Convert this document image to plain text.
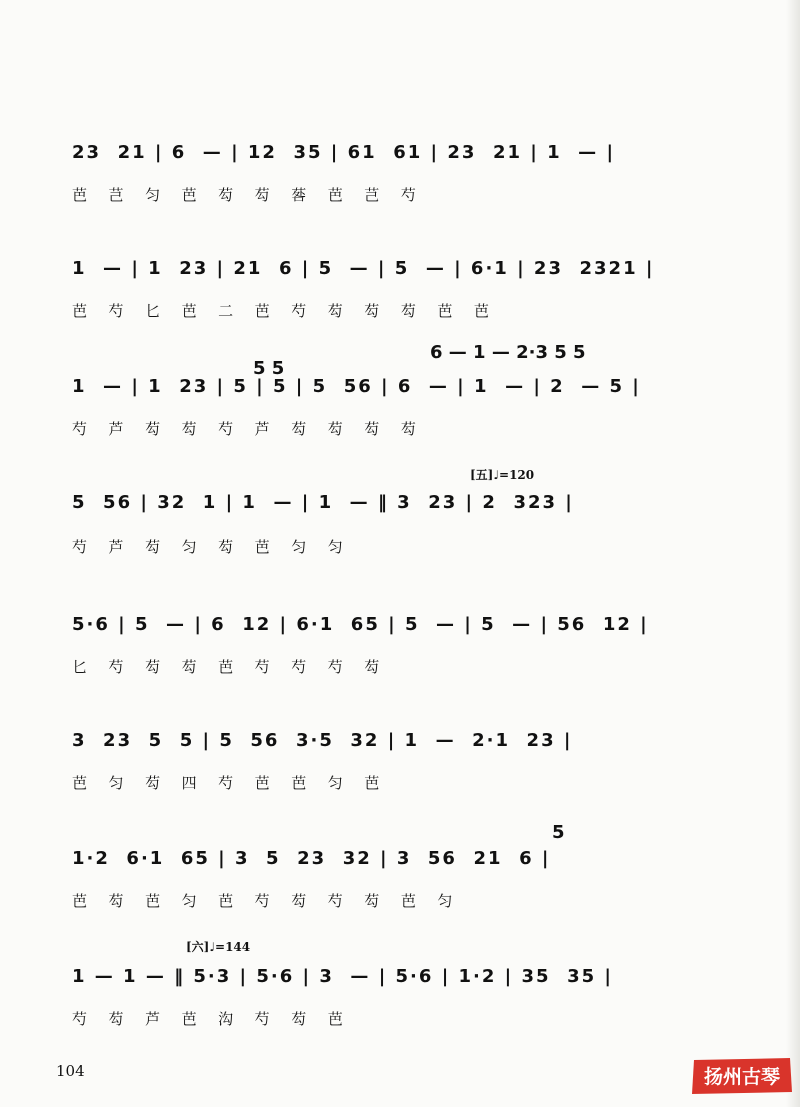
23  21 | 6  — | 12  35 | 61  61 | 23  21 | 1  — |
芭  芑  匀  芭  芶  芶  䓘  芭  芑  芍
1  — | 1  23 | 21  6 | 5  — | 5  — | 6·1 | 23  2321 |
芭  芍  匕  芭  二  芭  芍  芶  芶  芶  芭  芭
6 — 1 — 2·3 5 5
5 5
1  — | 1  23 | 5 | 5 | 5  56 | 6  — | 1  — | 2  — 5 |
芍  芦  芶  芶  芍  芦  芶  芶  芶  芶
[五]♩=120
5  56 | 32  1 | 1  — | 1  — ‖ 3  23 | 2  323 |
芍  芦  芶  匀  芶  芭  匀  匀
5·6 | 5  — | 6  12 | 6·1  65 | 5  — | 5  — | 56  12 |
匕  芍  芶  芶  芭  芍  芍  芍  芶
3  23  5  5 | 5  56  3·5  32 | 1  —  2·1  23 |
芭  匀  芶  四  芍  芭  芭  匀  芭
5
1·2  6·1  65 | 3  5  23  32 | 3  56  21  6 |
芭  芶  芭  匀  芭  芍  芶  芍  芶  芭  匀
[六]♩=144
1 — 1 — ‖ 5·3 | 5·6 | 3  — | 5·6 | 1·2 | 35  35 |
芍  芶  芦  芭  沟  芍  芶  芭
104	扬州古琴
